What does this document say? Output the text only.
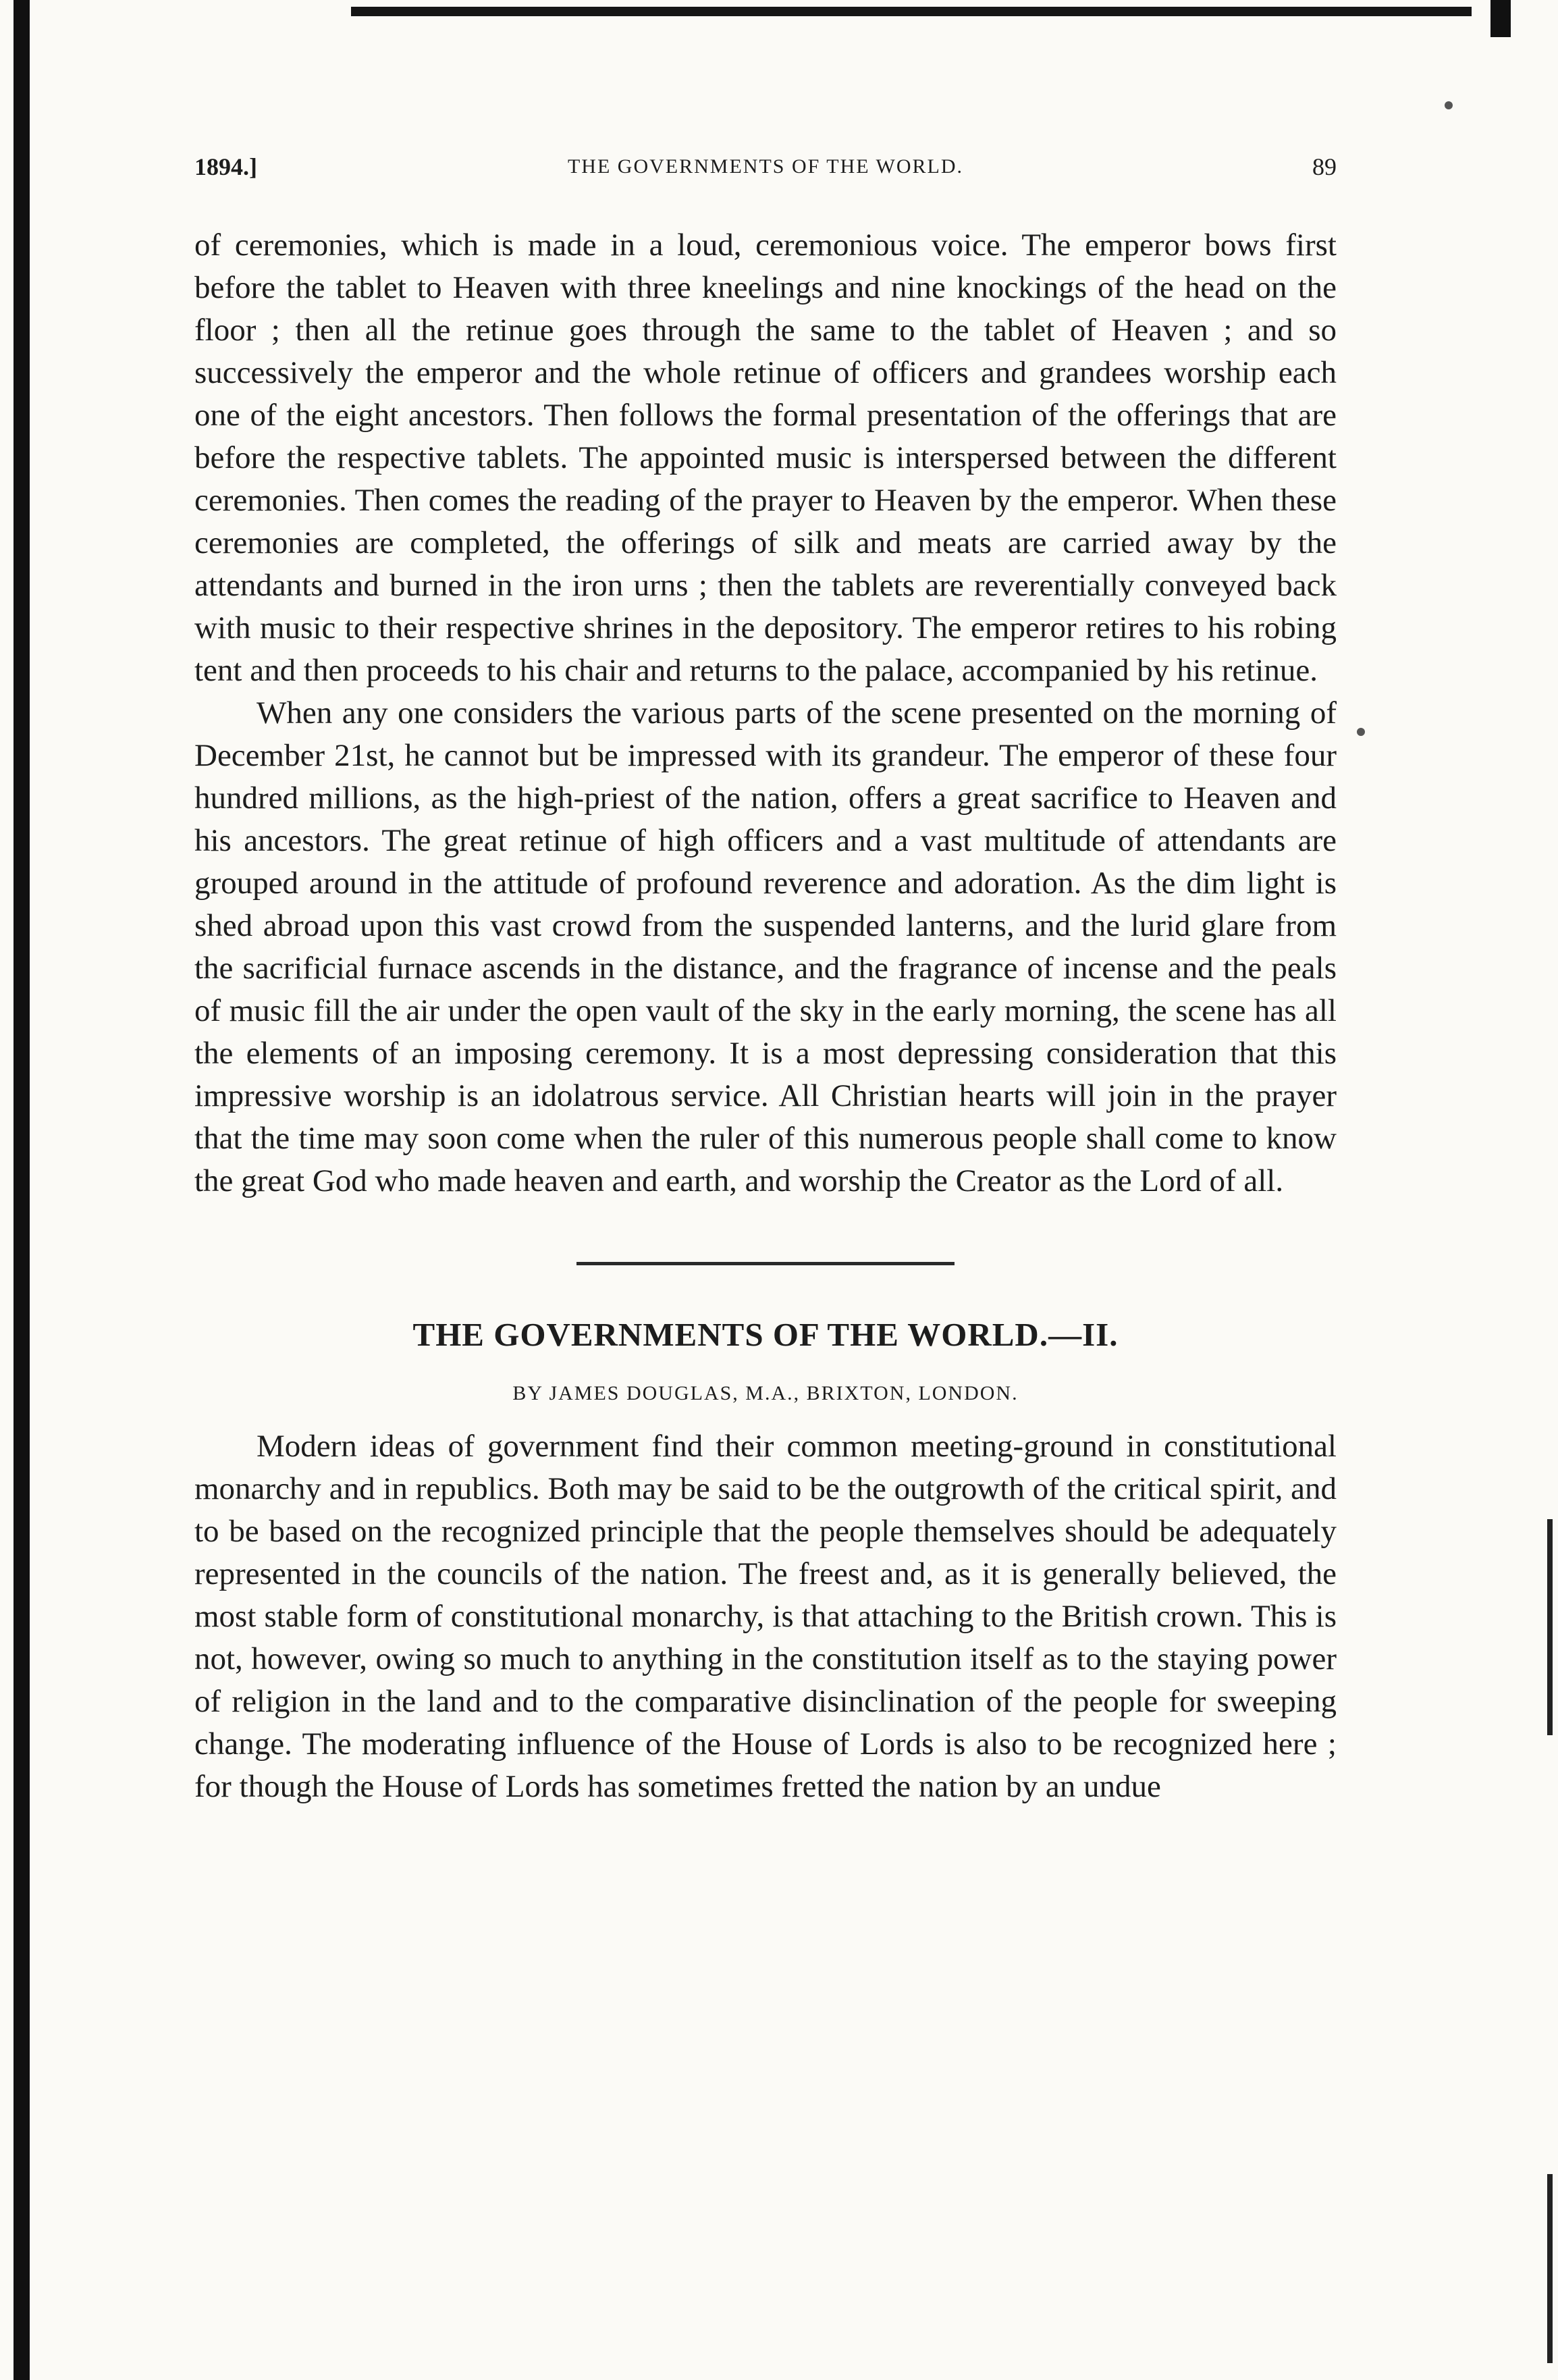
1894.]	THE GOVERNMENTS OF THE WORLD.	89

of ceremonies, which is made in a loud, ceremonious voice. The emperor bows first before the tablet to Heaven with three kneelings and nine knockings of the head on the floor ; then all the retinue goes through the same to the tablet of Heaven ; and so successively the emperor and the whole retinue of officers and grandees worship each one of the eight ancestors. Then follows the formal presentation of the offerings that are before the respective tablets. The appointed music is interspersed between the different ceremonies. Then comes the reading of the prayer to Heaven by the emperor. When these ceremonies are completed, the offerings of silk and meats are carried away by the attendants and burned in the iron urns ; then the tablets are reverentially conveyed back with music to their respective shrines in the depository. The emperor retires to his robing tent and then proceeds to his chair and returns to the palace, accompanied by his retinue.

When any one considers the various parts of the scene presented on the morning of December 21st, he cannot but be impressed with its grandeur. The emperor of these four hundred millions, as the high-priest of the nation, offers a great sacrifice to Heaven and his ancestors. The great retinue of high officers and a vast multitude of attendants are grouped around in the attitude of profound reverence and adoration. As the dim light is shed abroad upon this vast crowd from the suspended lanterns, and the lurid glare from the sacrificial furnace ascends in the distance, and the fragrance of incense and the peals of music fill the air under the open vault of the sky in the early morning, the scene has all the elements of an imposing ceremony. It is a most depressing consideration that this impressive worship is an idolatrous service. All Christian hearts will join in the prayer that the time may soon come when the ruler of this numerous people shall come to know the great God who made heaven and earth, and worship the Creator as the Lord of all.

THE GOVERNMENTS OF THE WORLD.—II.
BY JAMES DOUGLAS, M.A., BRIXTON, LONDON.

Modern ideas of government find their common meeting-ground in constitutional monarchy and in republics. Both may be said to be the outgrowth of the critical spirit, and to be based on the recognized principle that the people themselves should be adequately represented in the councils of the nation. The freest and, as it is generally believed, the most stable form of constitutional monarchy, is that attaching to the British crown. This is not, however, owing so much to anything in the constitution itself as to the staying power of religion in the land and to the comparative disinclination of the people for sweeping change. The moderating influence of the House of Lords is also to be recognized here ; for though the House of Lords has sometimes fretted the nation by an undue
